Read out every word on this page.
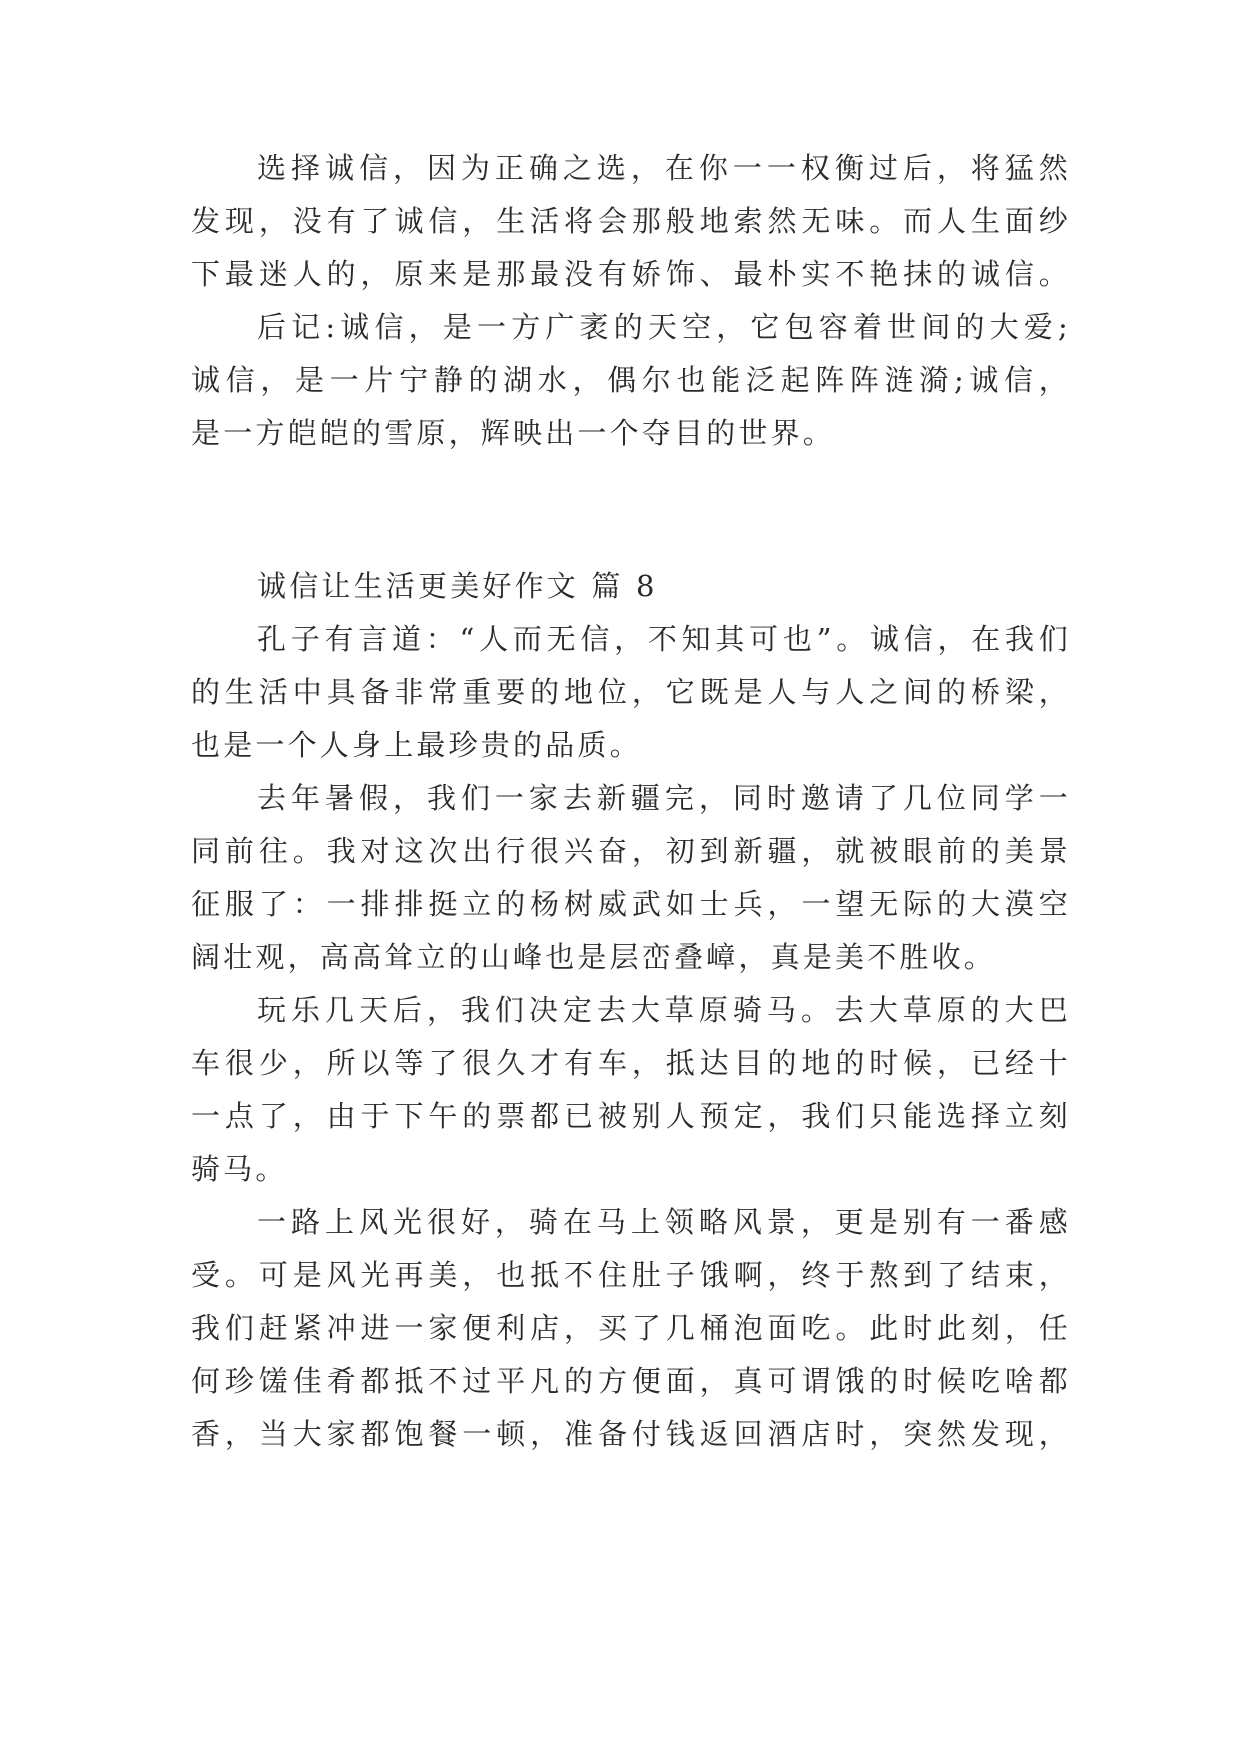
选择诚信，因为正确之选，在你一一权衡过后，将猛然
发现，没有了诚信，生活将会那般地索然无味。而人生面纱
下最迷人的，原来是那最没有娇饰、最朴实不艳抹的诚信。
后记:诚信，是一方广袤的天空，它包容着世间的大爱;
诚信，是一片宁静的湖水，偶尔也能泛起阵阵涟漪;诚信，
是一方皑皑的雪原，辉映出一个夺目的世界。
诚信让生活更美好作文 篇 8
孔子有言道：“人而无信，不知其可也”。诚信，在我们
的生活中具备非常重要的地位，它既是人与人之间的桥梁，
也是一个人身上最珍贵的品质。
去年暑假，我们一家去新疆完，同时邀请了几位同学一
同前往。我对这次出行很兴奋，初到新疆，就被眼前的美景
征服了：一排排挺立的杨树威武如士兵，一望无际的大漠空
阔壮观，高高耸立的山峰也是层峦叠嶂，真是美不胜收。
玩乐几天后，我们决定去大草原骑马。去大草原的大巴
车很少，所以等了很久才有车，抵达目的地的时候，已经十
一点了，由于下午的票都已被别人预定，我们只能选择立刻
骑马。
一路上风光很好，骑在马上领略风景，更是别有一番感
受。可是风光再美，也抵不住肚子饿啊，终于熬到了结束，
我们赶紧冲进一家便利店，买了几桶泡面吃。此时此刻，任
何珍馐佳肴都抵不过平凡的方便面，真可谓饿的时候吃啥都
香，当大家都饱餐一顿，准备付钱返回酒店时，突然发现，
